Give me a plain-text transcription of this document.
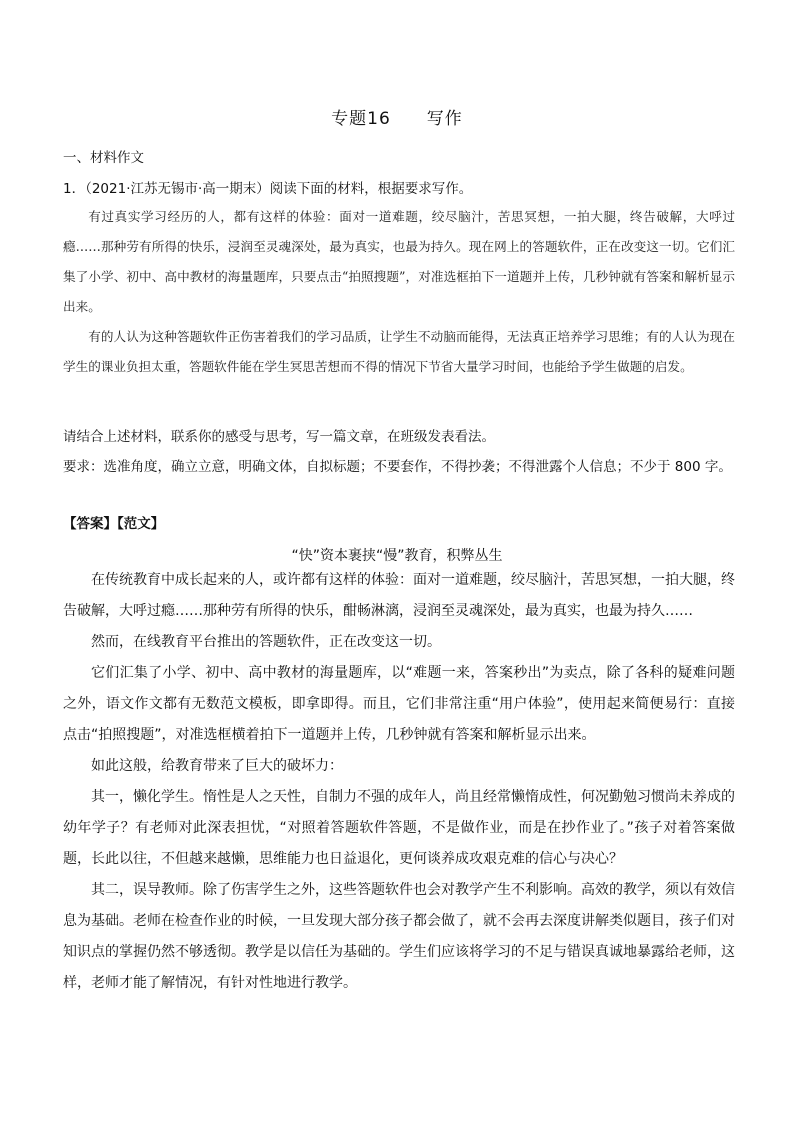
专题16　　写作
一、材料作文
1．（2021·江苏无锡市·高一期末）阅读下面的材料，根据要求写作。

有过真实学习经历的人，都有这样的体验：面对一道难题，绞尽脑汁，苦思冥想，一拍大腿，终告破解，大呼过瘾……那种劳有所得的快乐，浸润至灵魂深处，最为真实，也最为持久。现在网上的答题软件，正在改变这一切。它们汇集了小学、初中、高中教材的海量题库，只要点击“拍照搜题”，对准选框拍下一道题并上传，几秒钟就有答案和解析显示出来。

有的人认为这种答题软件正伤害着我们的学习品质，让学生不动脑而能得，无法真正培养学习思维；有的人认为现在学生的课业负担太重，答题软件能在学生冥思苦想而不得的情况下节省大量学习时间，也能给予学生做题的启发。

请结合上述材料，联系你的感受与思考，写一篇文章，在班级发表看法。

要求：选准角度，确立立意，明确文体，自拟标题；不要套作，不得抄袭；不得泄露个人信息；不少于 800 字。

【答案】【范文】
“快”资本裹挟“慢”教育，积弊丛生

在传统教育中成长起来的人，或许都有这样的体验：面对一道难题，绞尽脑汁，苦思冥想，一拍大腿，终告破解，大呼过瘾……那种劳有所得的快乐，酣畅淋漓，浸润至灵魂深处，最为真实，也最为持久……

然而，在线教育平台推出的答题软件，正在改变这一切。

它们汇集了小学、初中、高中教材的海量题库，以“难题一来，答案秒出”为卖点，除了各科的疑难问题之外，语文作文都有无数范文模板，即拿即得。而且，它们非常注重“用户体验”，使用起来简便易行：直接点击“拍照搜题”，对准选框横着拍下一道题并上传，几秒钟就有答案和解析显示出来。

如此这般，给教育带来了巨大的破坏力：

其一，懒化学生。惰性是人之天性，自制力不强的成年人，尚且经常懒惰成性，何况勤勉习惯尚未养成的幼年学子？有老师对此深表担忧，“对照着答题软件答题，不是做作业，而是在抄作业了。”孩子对着答案做题，长此以往，不但越来越懒，思维能力也日益退化，更何谈养成攻艰克难的信心与决心？

其二，误导教师。除了伤害学生之外，这些答题软件也会对教学产生不利影响。高效的教学，须以有效信息为基础。老师在检查作业的时候，一旦发现大部分孩子都会做了，就不会再去深度讲解类似题目，孩子们对知识点的掌握仍然不够透彻。教学是以信任为基础的。学生们应该将学习的不足与错误真诚地暴露给老师，这样，老师才能了解情况，有针对性地进行教学。
